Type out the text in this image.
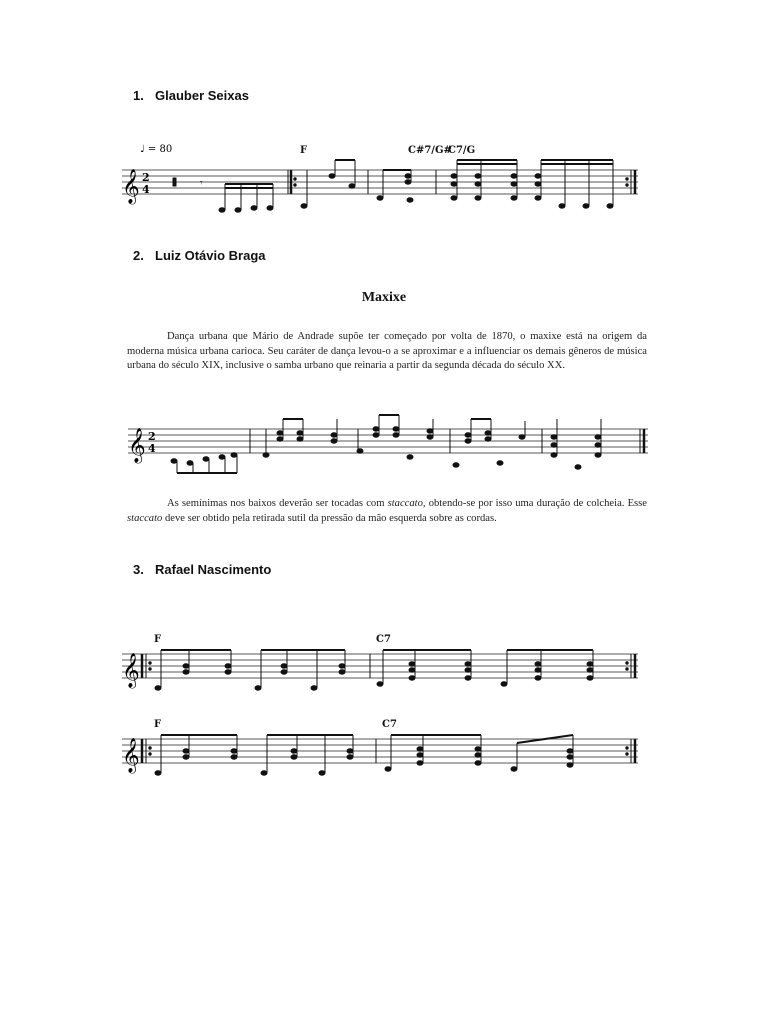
1. Glauber Seixas
♩ = 80	F	C#7/G#
C7/G
𝄞 2
4	𝄾
2. Luiz Otávio Braga
Maxixe

Dança urbana que Mário de Andrade supõe ter começado por volta de 1870, o maxixe está na origem da moderna música urbana carioca. Seu caráter de dança levou-o a se aproximar e a influenciar os demais gêneros de música urbana do século XIX, inclusive o samba urbano que reinaria a partir da segunda década do século XX.

𝄞 2
4

As semínimas nos baixos deverão ser tocadas com staccato, obtendo-se por isso uma duração de colcheia. Esse staccato deve ser obtido pela retirada sutil da pressão da mão esquerda sobre as cordas.

3. Rafael Nascimento
F	C7
𝄞
F	C7
𝄞
